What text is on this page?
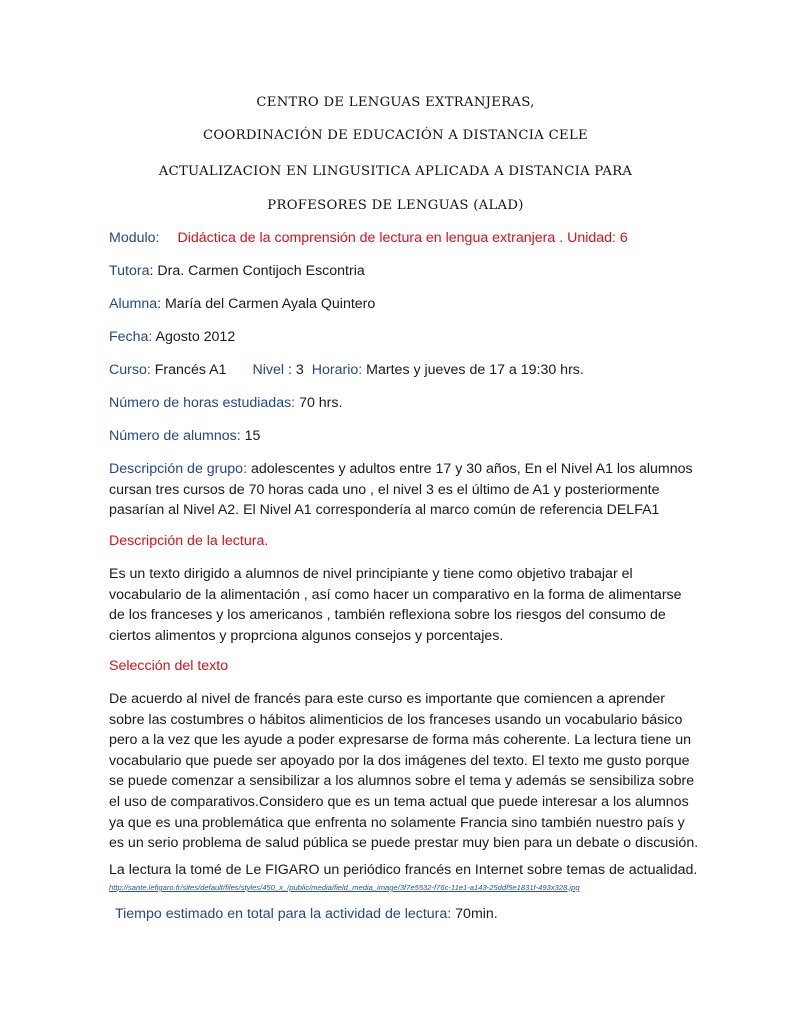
CENTRO DE LENGUAS EXTRANJERAS,
COORDINACIÓN DE EDUCACIÓN A DISTANCIA CELE
ACTUALIZACION EN LINGUSITICA APLICADA A DISTANCIA PARA
PROFESORES DE LENGUAS (ALAD)
Modulo: Didáctica de la comprensión de lectura en lengua extranjera . Unidad: 6
Tutora: Dra. Carmen Contijoch Escontria
Alumna: María del Carmen Ayala Quintero
Fecha: Agosto 2012
Curso: Francés A1 Nivel : 3 Horario: Martes y jueves de 17 a 19:30 hrs.
Número de horas estudiadas: 70 hrs.
Número de alumnos: 15
Descripción de grupo: adolescentes y adultos entre 17 y 30 años, En el Nivel A1 los alumnos cursan tres cursos de 70 horas cada uno , el nivel 3 es el último de A1 y posteriormente pasarían al Nivel A2. El Nivel A1 correspondería al marco común de referencia DELFA1
Descripción de la lectura.
Es un texto dirigido a alumnos de nivel principiante y tiene como objetivo trabajar el vocabulario de la alimentación , así como hacer un comparativo en la forma de alimentarse de los franceses y los americanos , también reflexiona sobre los riesgos del consumo de ciertos alimentos y proprciona algunos consejos y porcentajes.
Selección del texto
De acuerdo al nivel de francés para este curso es importante que comiencen a aprender sobre las costumbres o hábitos alimenticios de los franceses usando un vocabulario básico pero a la vez que les ayude a poder expresarse de forma más coherente. La lectura tiene un vocabulario que puede ser apoyado por la dos imágenes del texto. El texto me gusto porque se puede comenzar a sensibilizar a los alumnos sobre el tema y además se sensibiliza sobre el uso de comparativos.Considero que es un tema actual que puede interesar a los alumnos ya que es una problemática que enfrenta no solamente Francia sino también nuestro país y es un serio problema de salud pública se puede prestar muy bien para un debate o discusión.
La lectura la tomé de Le FIGARO un periódico francés en Internet sobre temas de actualidad.
http://sante.lefigaro.fr/sites/default/files/styles/450_x_/public/media/field_media_image/3f7e5532-f76c-11e1-a143-25ddf5e1831f-493x328.jpg
Tiempo estimado en total para la actividad de lectura: 70min.
